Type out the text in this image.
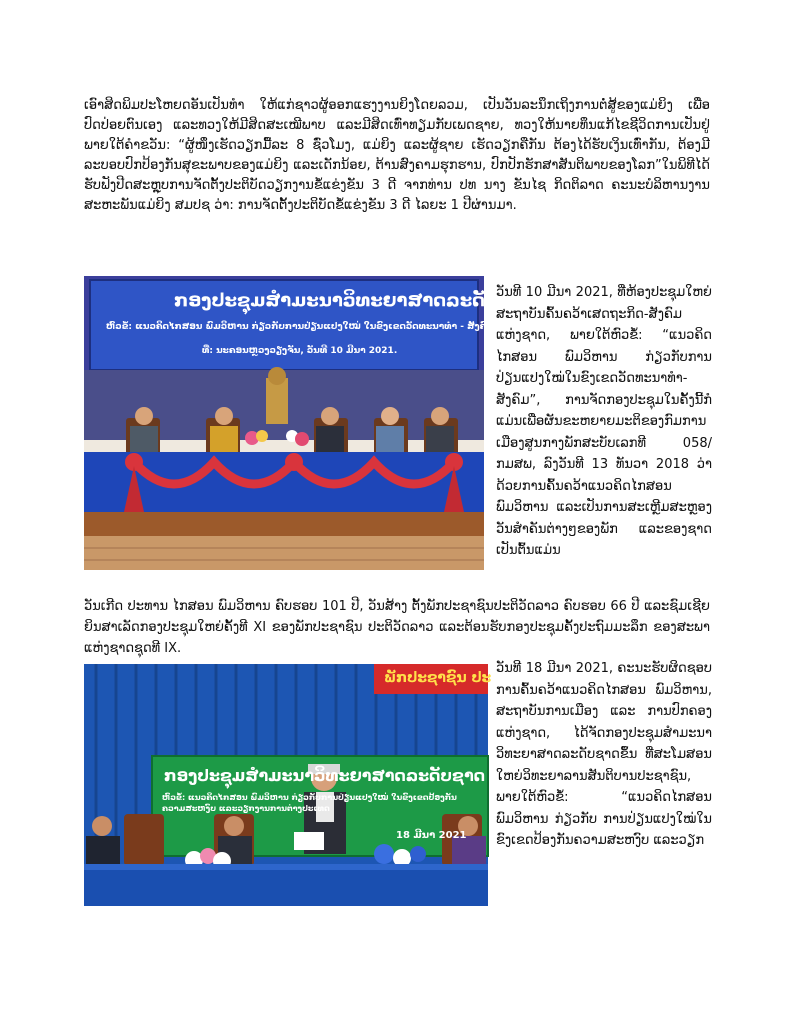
ເອົາສິດພິມປະໂຫຍດອັນເປັນທຳ ໃຫ້ແກ່ຊາວຜູ້ອອກແຮງງານຍິງໂດຍລວມ, ເປັນວັນລະນຶກເຖິງການຕໍ່ສູ້ຂອງແມ່ຍິງ ເພື່ອປົດປ່ອຍຕົນເອງ ແລະທວງໃຫ້ມີສິດສະເໝີພາບ ແລະມີສິດເທົ່າທຽມກັບເພດຊາຍ, ທວງໃຫ້ນາຍທຶນແກ້ໄຂຊີວິດການເປັນຢູ່ພາຍໃຕ້ຄຳຂວັນ: “ຜູ້ໜຶ່ງເຮັດວຽກມື້ລະ 8 ຊົ່ວໂມງ, ແມ່ຍິງ ແລະຜູ້ຊາຍ ເຮັດວຽກຄືກັນ ຕ້ອງໄດ້ຮັບເງິນເທົ່າກັນ, ຕ້ອງມີລະບອບປົກປ້ອງກັນສຸຂະພາບຂອງແມ່ຍິງ ແລະເດັກນ້ອຍ, ຕ້ານສົງຄາມຮຸກຮານ, ປົກປັກຮັກສາສັນຕິພາບຂອງໂລກ”ໃນພິທີໄດ້ຮັບຟັງປີດສະຫຼຸບການຈັດຕັ້ງປະຕິບັດວຽກງານຂໍ້ແຂ່ງຂັນ 3 ດີ ຈາກທ່ານ ປທ ນາງ ຂັນໄຊ ກິດຕິລາດ ຄະນະບໍລິຫານງານສະຫະພັນແມ່ຍິງ ສມປຊ ວ່າ: ການຈັດຕັ້ງປະຕິບັດຂໍ້ແຂ່ງຂັນ 3 ດີ ໄລຍະ 1 ປີຜ່ານມາ.

ກອງປະຊຸມສຳມະນາວິທະຍາສາດລະດັບຊາດ
ຫົວຂໍ້: ແນວຄິດໄກສອນ ພົມວິຫານ ກ່ຽວກັບການປ່ຽນແປງໃໝ່ ໃນຂົງເຂດວັດທະນາທຳ - ສັງຄົມ.
ທີ່: ນະຄອນຫຼວງວຽງຈັນ, ວັນທີ 10 ມີນາ 2021.

ວັນທີ 10 ມີນາ 2021, ທີ່ຫ້ອງປະຊຸມໃຫຍ່ສະຖາບັນຄົ້ນຄວ້າເສດຖະກິດ-ສັງຄົມແຫ່ງຊາດ, ພາຍໃຕ້ຫົວຂໍ້: “ແນວຄິດໄກສອນ ພົມວິຫານ ກ່ຽວກັບການປ່ຽນແປງໃໝ່ໃນຂົງເຂດວັດທະນາທຳ-ສັງຄົມ”, ການຈັດກອງປະຊຸມໃນຄັ້ງນີ້ກໍແມ່ນເພື່ອຜັນຂະຫຍາຍມະຕິຂອງກົມການເມືອງສູນກາງພັກສະບັບເລກທີ 058/ກມສພ, ລົງວັນທີ 13 ທັນວາ 2018 ວ່າດ້ວຍການຄົ້ນຄວ້າແນວຄິດໄກສອນ ພົມວິຫານ ແລະເປັນການສະເຫຼີມສະຫຼອງວັນສຳຄັນຕ່າງໆຂອງພັກ ແລະຂອງຊາດ ເປັນຕົ້ນແມ່ນ

ວັນເກີດ ປະທານ ໄກສອນ ພົມວິຫານ ຄົບຮອບ 101 ປີ, ວັນສ້າງ ຕັ້ງພັກປະຊາຊົນປະຕິວັດລາວ ຄົບຮອບ 66 ປີ ແລະຊົມເຊີຍຍິນສາເລັດກອງປະຊຸມໃຫຍ່ຄັ້ງທີ XI ຂອງພັກປະຊາຊົນ ປະຕິວັດລາວ ແລະຕ້ອນຮັບກອງປະຊຸມຄັ້ງປະຖົມມະລຶກ ຂອງສະພາແຫ່ງຊາດຊຸດທີ IX.

ພັກປະຊາຊົນ ປະ
ກອງປະຊຸມສຳມະນາວິທະຍາສາດລະດັບຊາດ
ຫົວຂໍ້: ແນວຄິດໄກສອນ ພົມວິຫານ ກ່ຽວກັບການປ່ຽນແປງໃໝ່ ໃນຂົງເຂດປ້ອງກັນຄວາມສະຫງົບ ແລະວຽກງານການຕ່າງປະເທດ
18 ມີນາ 2021

ວັນທີ 18 ມີນາ 2021, ຄະນະຮັບຜິດຊອບການຄົ້ນຄວ້າແນວຄິດໄກສອນ ພົມວິຫານ, ສະຖາບັນການເມືອງ ແລະ ການປົກຄອງແຫ່ງຊາດ, ໄດ້ຈັດກອງປະຊຸມສຳມະນາວິທະຍາສາດລະດັບຊາດຂຶ້ນ ທີ່ສະໂມສອນໃຫຍ່ວິທະຍາລານສັນຕິບານປະຊາຊົນ, ພາຍໃຕ້ຫົວຂໍ້: “ແນວຄິດໄກສອນ ພົມວິຫານ ກ່ຽວກັບ ການປ່ຽນແປງໃໝ່ໃນຂົງເຂດປ້ອງກັນຄວາມສະຫງົບ ແລະວຽກ
